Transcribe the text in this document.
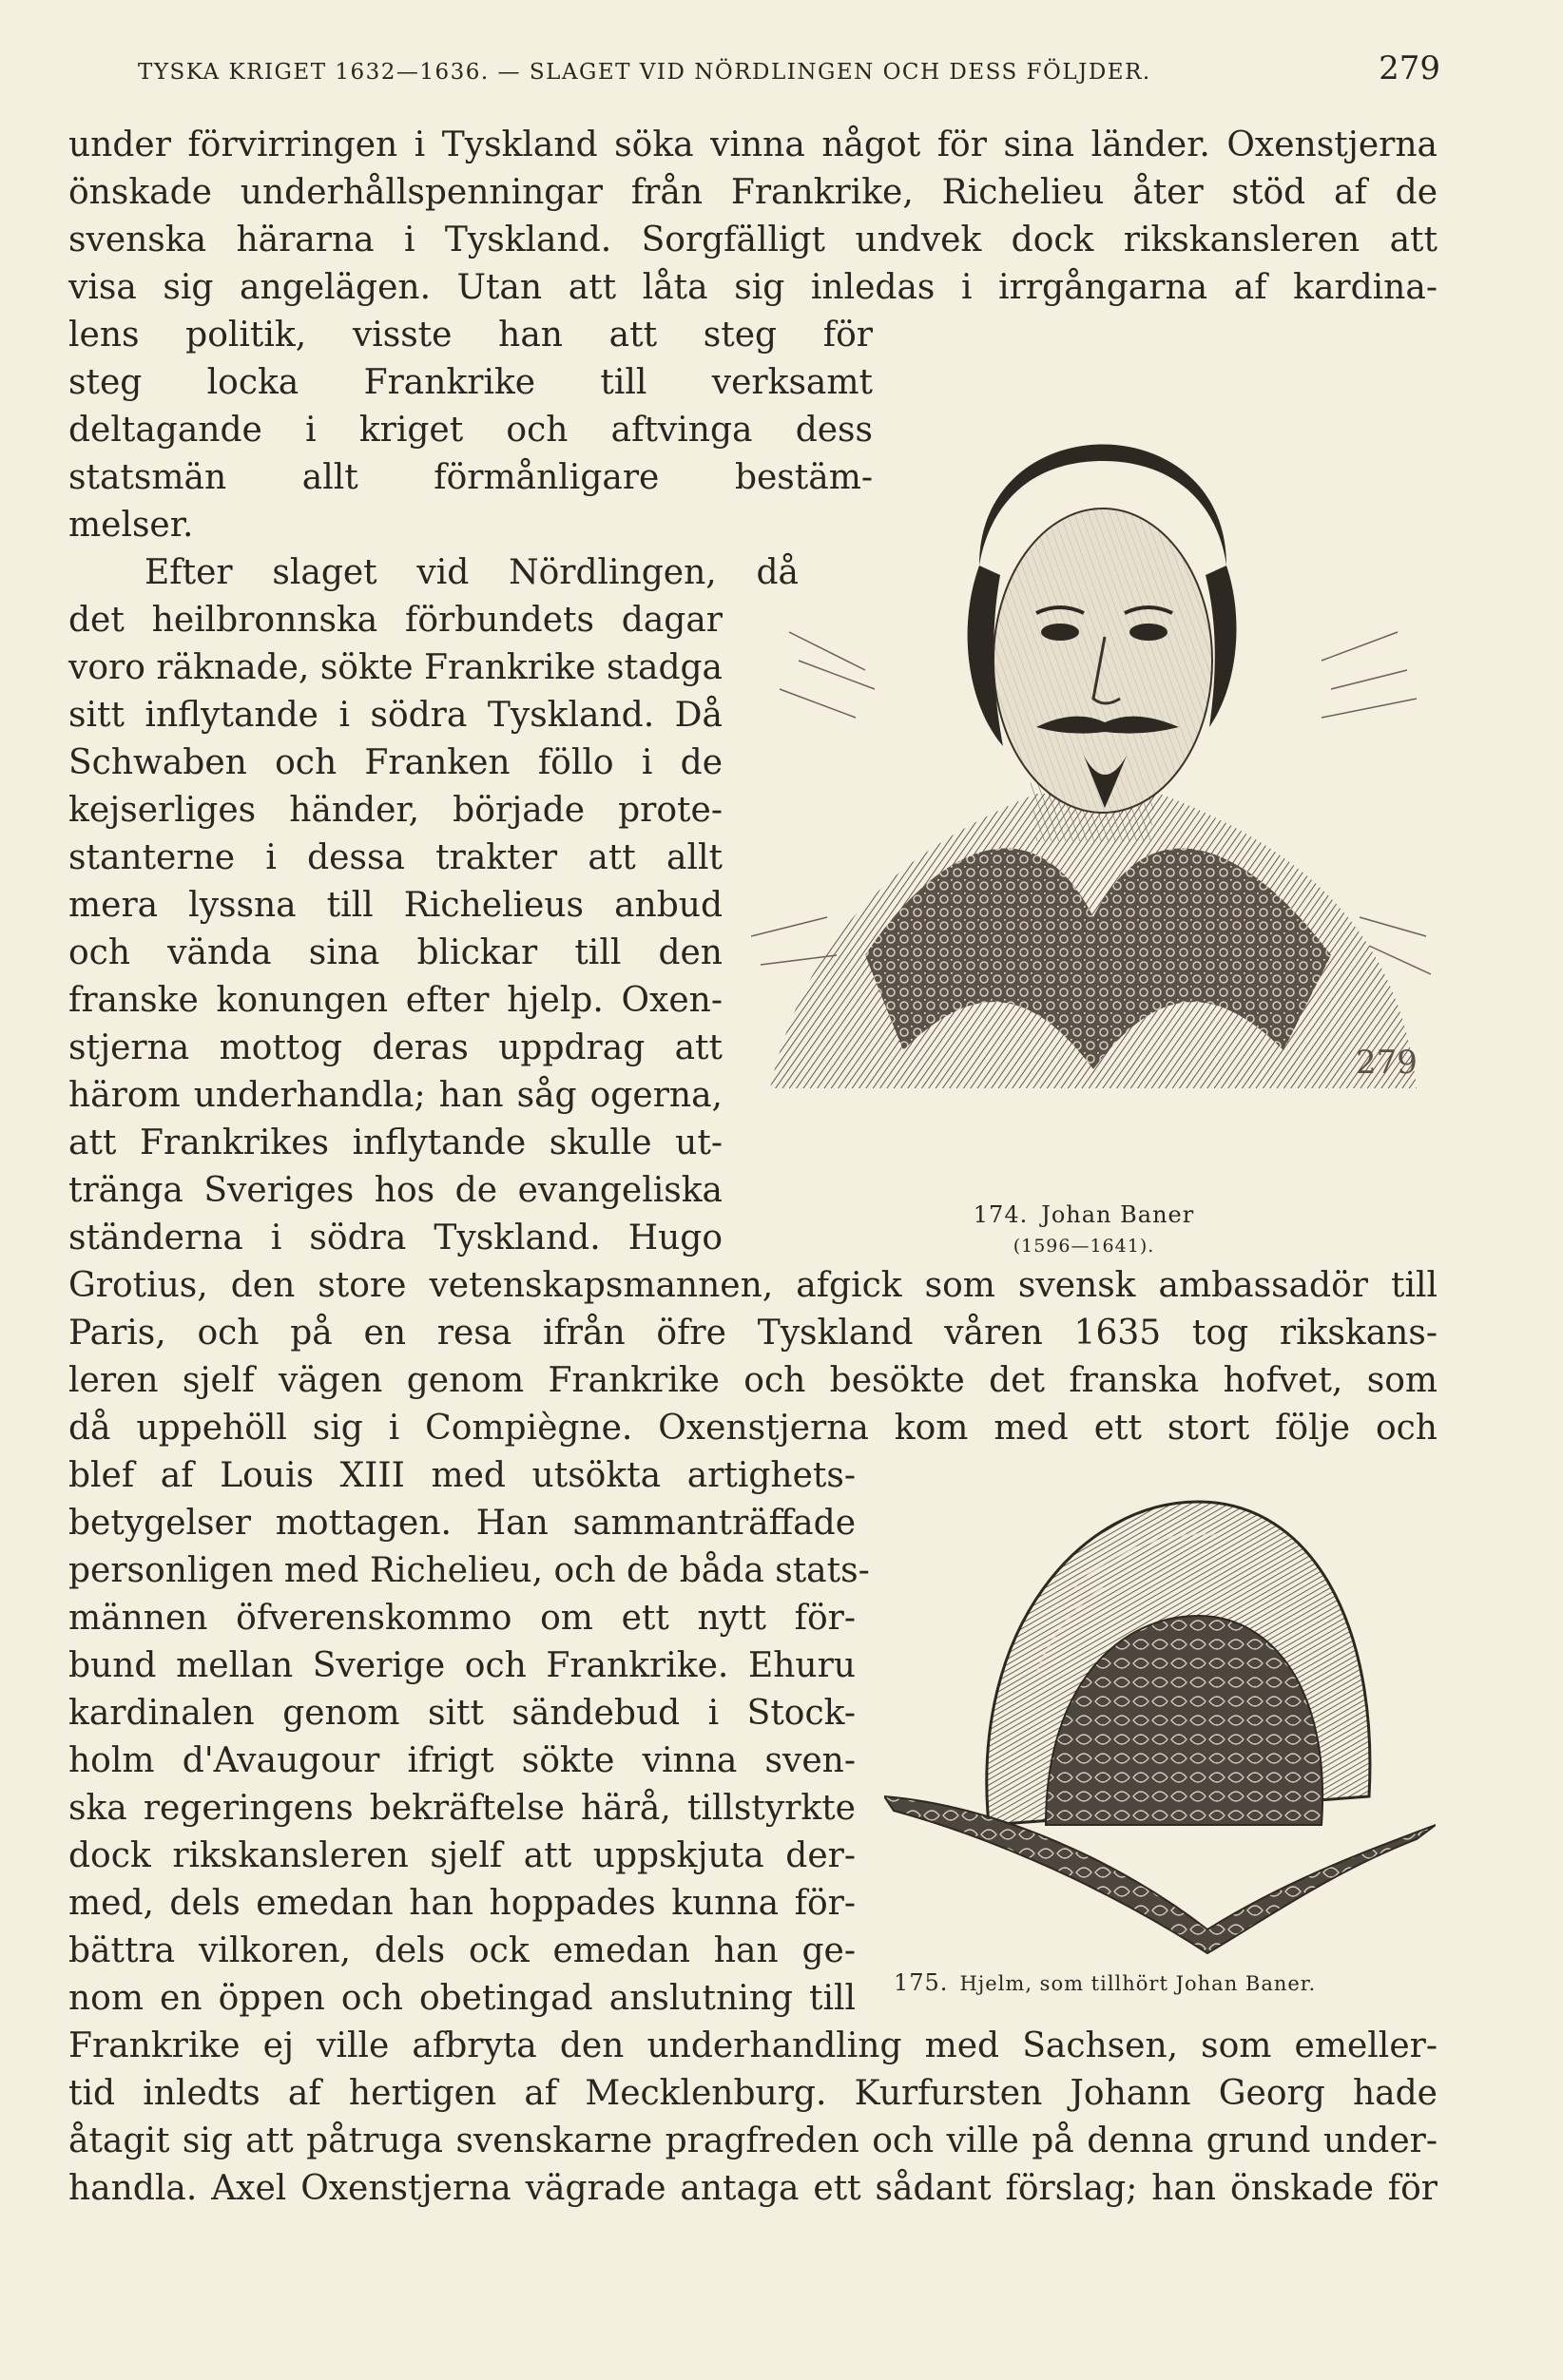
TYSKA KRIGET 1632—1636. — SLAGET VID NÖRDLINGEN OCH DESS FÖLJDER.	279
under förvirringen i Tyskland söka vinna något för sina länder. Oxenstjerna
önskade underhållspenningar från Frankrike, Richelieu åter stöd af de
svenska härarna i Tyskland. Sorgfälligt undvek dock rikskansleren att
visa sig angelägen. Utan att låta sig inledas i irrgångarna af kardina-
lens politik, visste han att steg för
steg locka Frankrike till verksamt
deltagande i kriget och aftvinga dess
statsmän allt förmånligare bestäm-
melser.
Efter slaget vid Nördlingen, då
det heilbronnska förbundets dagar
voro räknade, sökte Frankrike stadga
sitt inflytande i södra Tyskland. Då
Schwaben och Franken föllo i de
kejserliges händer, började prote-
stanterne i dessa trakter att allt
mera lyssna till Richelieus anbud
och vända sina blickar till den
franske konungen efter hjelp. Oxen-
stjerna mottog deras uppdrag att
härom underhandla; han såg ogerna,
att Frankrikes inflytande skulle ut-
tränga Sveriges hos de evangeliska
ständerna i södra Tyskland. Hugo
Grotius, den store vetenskapsmannen, afgick som svensk ambassadör till
Paris, och på en resa ifrån öfre Tyskland våren 1635 tog rikskans-
leren sjelf vägen genom Frankrike och besökte det franska hofvet, som
då uppehöll sig i Compiègne. Oxenstjerna kom med ett stort följe och
blef af Louis XIII med utsökta artighets-
betygelser mottagen. Han sammanträffade
personligen med Richelieu, och de båda stats-
männen öfverenskommo om ett nytt för-
bund mellan Sverige och Frankrike. Ehuru
kardinalen genom sitt sändebud i Stock-
holm d'Avaugour ifrigt sökte vinna sven-
ska regeringens bekräftelse härå, tillstyrkte
dock rikskansleren sjelf att uppskjuta der-
med, dels emedan han hoppades kunna för-
bättra vilkoren, dels ock emedan han ge-
nom en öppen och obetingad anslutning till
Frankrike ej ville afbryta den underhandling med Sachsen, som emeller-
tid inledts af hertigen af Mecklenburg. Kurfursten Johann Georg hade
åtagit sig att påtruga svenskarne pragfreden och ville på denna grund under-
handla. Axel Oxenstjerna vägrade antaga ett sådant förslag; han önskade för
279
174. Johan Baner
(1596—1641).
175. Hjelm, som tillhört Johan Baner.
